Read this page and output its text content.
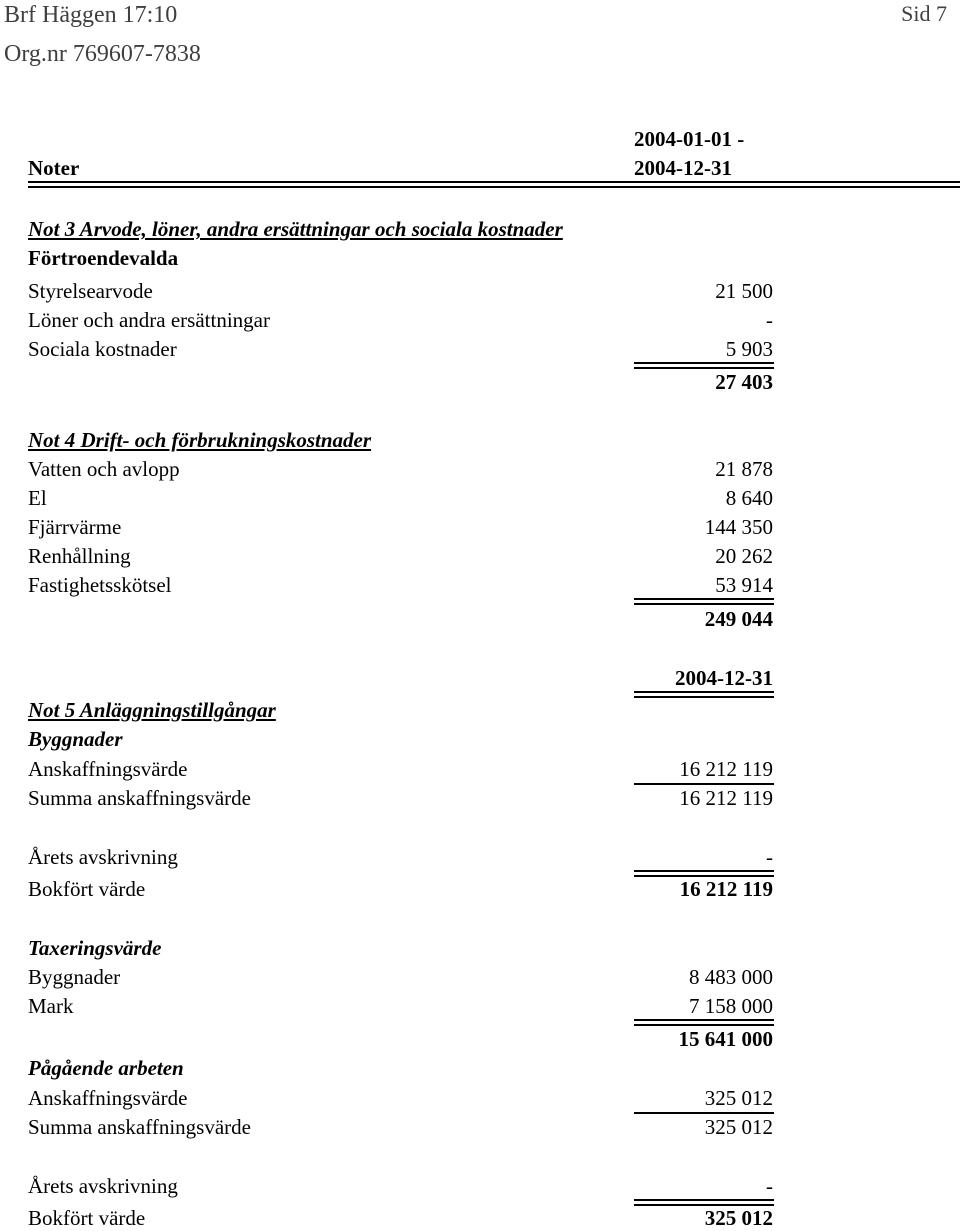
Brf Häggen 17:10
Org.nr 769607-7838
Sid 7
2004-01-01 -
Noter	2004-12-31
Not 3 Arvode, löner, andra ersättningar och sociala kostnader
Förtroendevalda
Styrelsearvode	21 500
Löner och andra ersättningar	-
Sociala kostnader	5 903
27 403
Not 4 Drift- och förbrukningskostnader
Vatten och avlopp	21 878
El	8 640
Fjärrvärme	144 350
Renhållning	20 262
Fastighetsskötsel	53 914
249 044
2004-12-31
Not 5 Anläggningstillgångar
Byggnader
Anskaffningsvärde	16 212 119
Summa anskaffningsvärde	16 212 119
Årets avskrivning	-
Bokfört värde	16 212 119
Taxeringsvärde
Byggnader	8 483 000
Mark	7 158 000
15 641 000
Pågående arbeten
Anskaffningsvärde	325 012
Summa anskaffningsvärde	325 012
Årets avskrivning	-
Bokfört värde	325 012
